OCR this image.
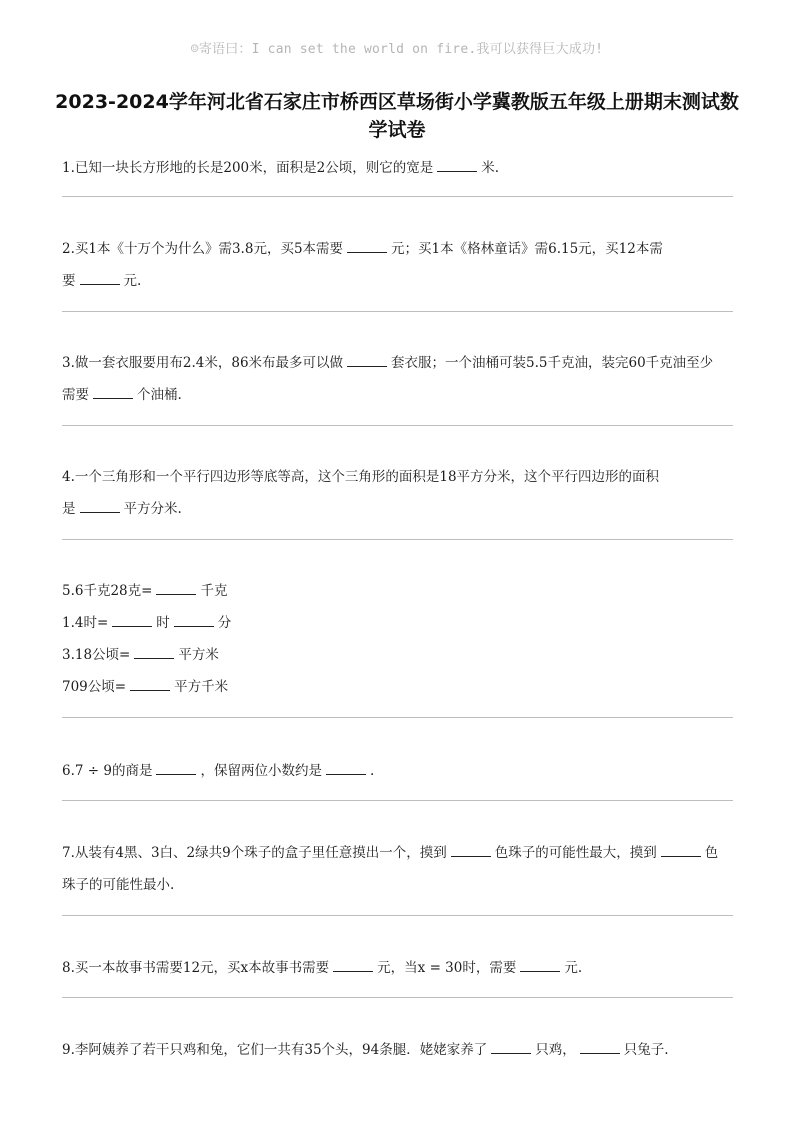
☺寄语曰：I can set the world on fire.我可以获得巨大成功!
2023-2024学年河北省石家庄市桥西区草场街小学冀教版五年级上册期末测试数
学试卷
1.已知一块长方形地的长是200米，面积是2公顷，则它的宽是	米.
2.买1本《十万个为什么》需3.8元，买5本需要	元；买1本《格林童话》需6.15元，买12本需
要	元.
3.做一套衣服要用布2.4米，86米布最多可以做	套衣服；一个油桶可装5.5千克油，装完60千克油至少
需要	个油桶.
4.一个三角形和一个平行四边形等底等高，这个三角形的面积是18平方分米，这个平行四边形的面积
是	平方分米.
5.6千克28克=	千克
1.4时=	时	分
3.18公顷=	平方米
709公顷=	平方千米
6.7 ÷ 9的商是	，保留两位小数约是	.
7.从装有4黑、3白、2绿共9个珠子的盒子里任意摸出一个，摸到	色珠子的可能性最大，摸到	色
珠子的可能性最小.
8.买一本故事书需要12元，买x本故事书需要	元，当x = 30时，需要	元.
9.李阿姨养了若干只鸡和兔，它们一共有35个头，94条腿．姥姥家养了	只鸡，	只兔子.
